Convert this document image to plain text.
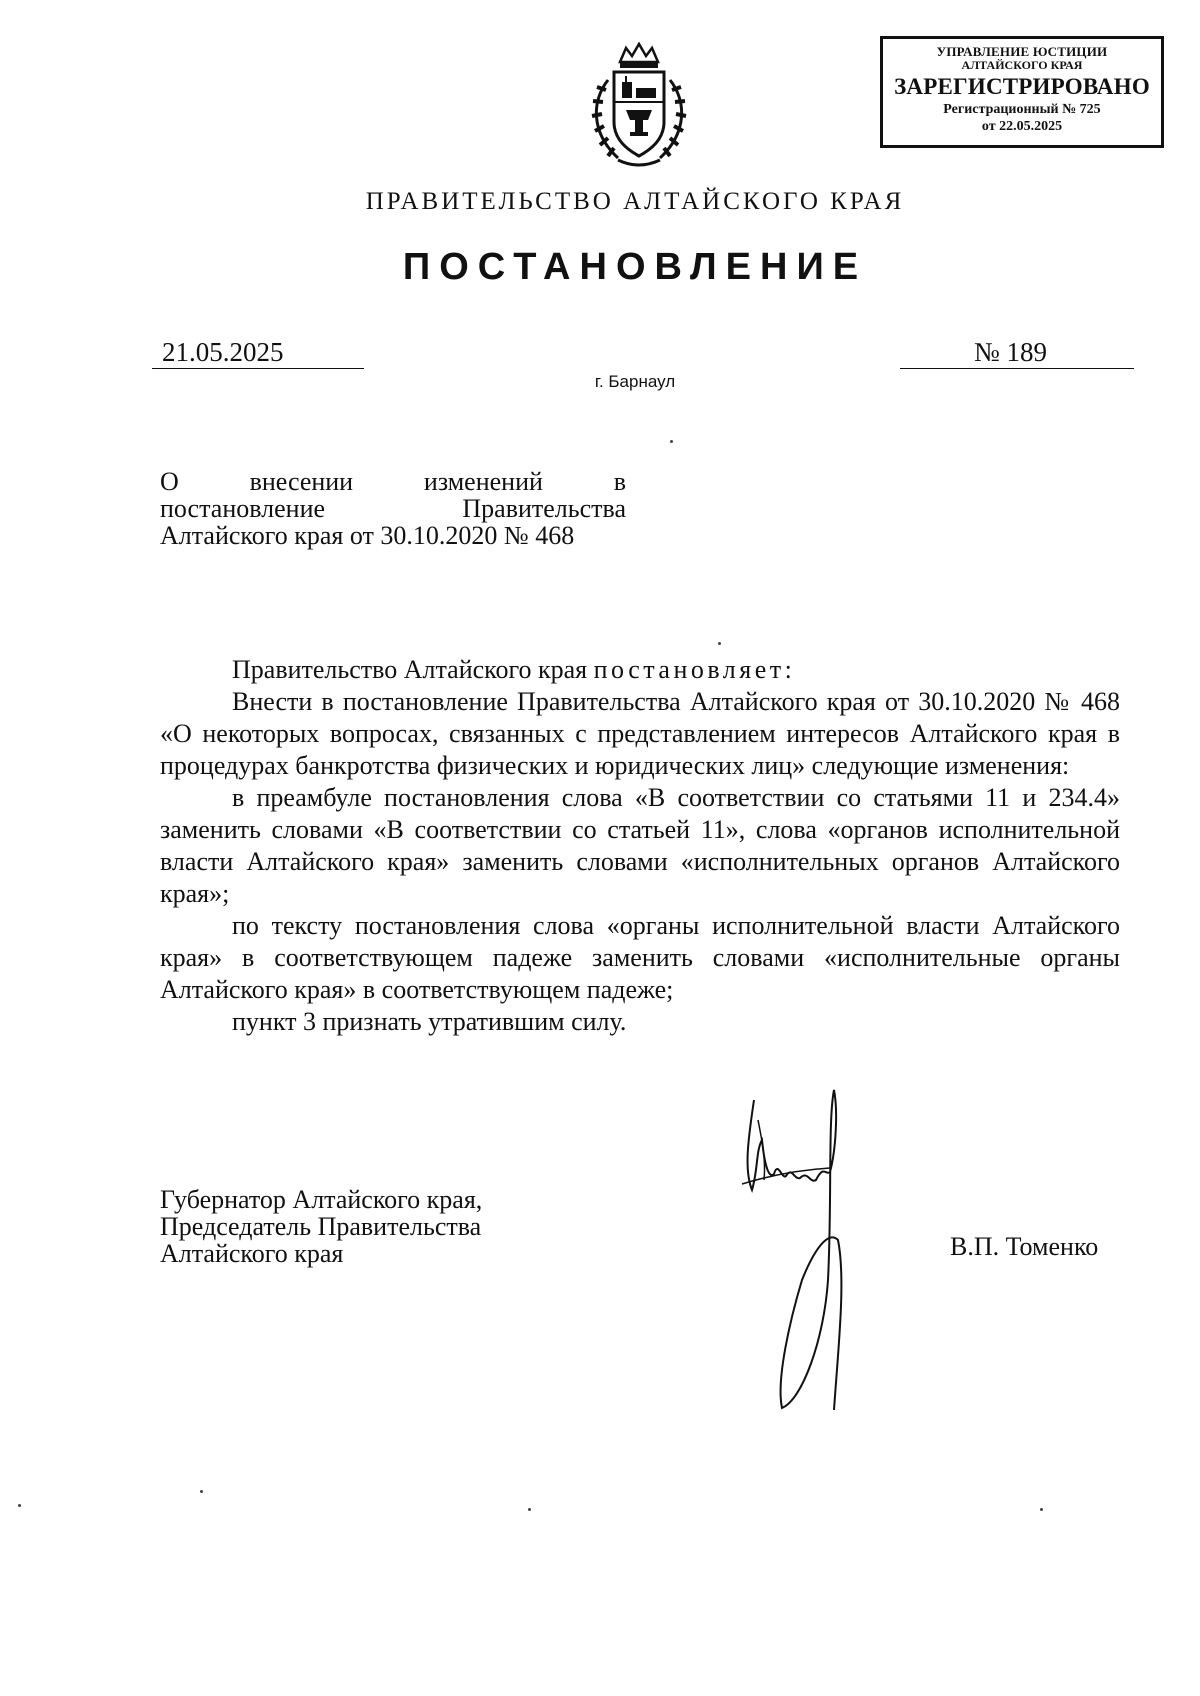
УПРАВЛЕНИЕ ЮСТИЦИИ
АЛТАЙСКОГО КРАЯ
ЗАРЕГИСТРИРОВАНО
Регистрационный № 725
от 22.05.2025
ПРАВИТЕЛЬСТВО АЛТАЙСКОГО КРАЯ
ПОСТАНОВЛЕНИЕ
21.05.2025	№ 189
г. Барнаул
О внесении изменений в
постановление Правительства
Алтайского края от 30.10.2020 № 468

Правительство Алтайского края постановляет:

Внести в постановление Правительства Алтайского края от 30.10.2020 № 468 «О некоторых вопросах, связанных с представлением интересов Алтайского края в процедурах банкротства физических и юридических лиц» следующие изменения:

в преамбуле постановления слова «В соответствии со статьями 11 и 234.4» заменить словами «В соответствии со статьей 11», слова «органов исполнительной власти Алтайского края» заменить словами «исполнительных органов Алтайского края»;

по тексту постановления слова «органы исполнительной власти Алтайского края» в соответствующем падеже заменить словами «исполнительные органы Алтайского края» в соответствующем падеже;

пункт 3 признать утратившим силу.

Губернатор Алтайского края,
Председатель Правительства
Алтайского края	В.П. Томенко
